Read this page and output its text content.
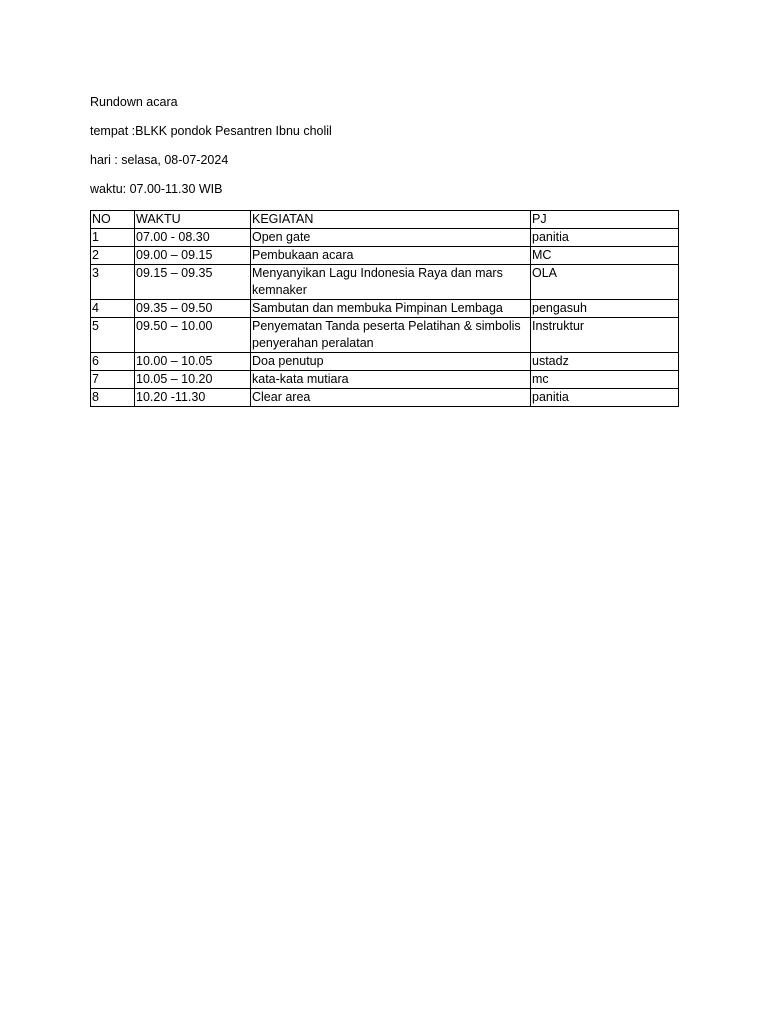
Rundown acara
tempat :BLKK pondok Pesantren Ibnu cholil
hari : selasa, 08-07-2024
waktu: 07.00-11.30 WIB
NO	WAKTU	KEGIATAN	PJ
1	07.00 - 08.30	Open gate	panitia
2	09.00 – 09.15	Pembukaan acara	MC
3	09.15 – 09.35	Menyanyikan Lagu Indonesia Raya dan mars kemnaker	OLA
4	09.35 – 09.50	Sambutan dan membuka Pimpinan Lembaga	pengasuh
5	09.50 – 10.00	Penyematan Tanda peserta Pelatihan & simbolis penyerahan peralatan	Instruktur
6	10.00 – 10.05	Doa penutup	ustadz
7	10.05 – 10.20	kata-kata mutiara	mc
8	10.20 -11.30	Clear area	panitia
